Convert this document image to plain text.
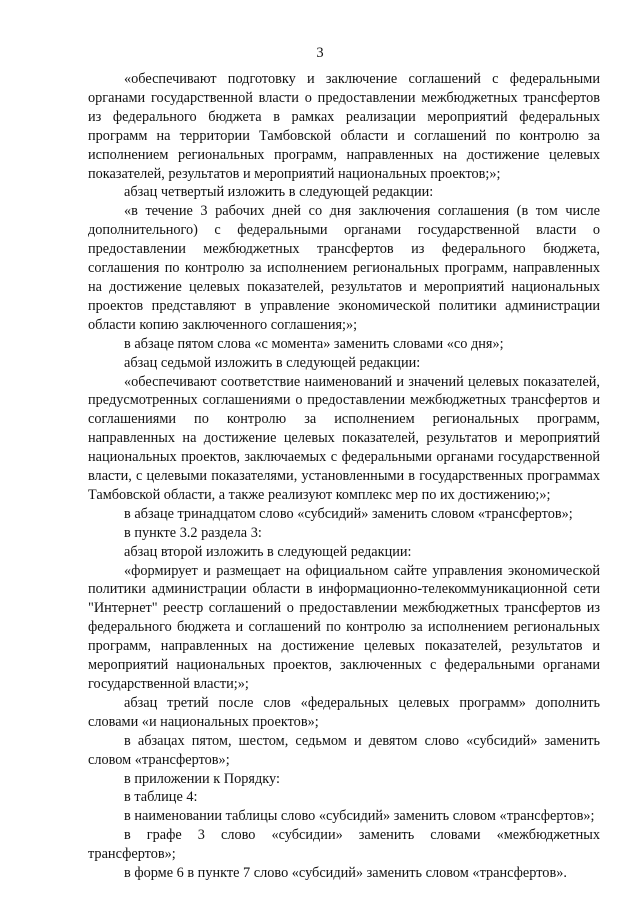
3

«обеспечивают подготовку и заключение соглашений с федеральными органами государственной власти о предоставлении межбюджетных трансфертов из федерального бюджета в рамках реализации мероприятий федеральных программ на территории Тамбовской области и соглашений по контролю за исполнением региональных программ, направленных на достижение целевых показателей, результатов и мероприятий национальных проектов;»;

абзац четвертый изложить в следующей редакции:

«в течение 3 рабочих дней со дня заключения соглашения (в том числе дополнительного) с федеральными органами государственной власти о предоставлении межбюджетных трансфертов из федерального бюджета, соглашения по контролю за исполнением региональных программ, направленных на достижение целевых показателей, результатов и мероприятий национальных проектов представляют в управление экономической политики администрации области копию заключенного соглашения;»;

в абзаце пятом слова «с момента» заменить словами «со дня»;

абзац седьмой изложить в следующей редакции:

«обеспечивают соответствие наименований и значений целевых показателей, предусмотренных соглашениями о предоставлении межбюджетных трансфертов и соглашениями по контролю за исполнением региональных программ, направленных на достижение целевых показателей, результатов и мероприятий национальных проектов, заключаемых с федеральными органами государственной власти, с целевыми показателями, установленными в государственных программах Тамбовской области, а также реализуют комплекс мер по их достижению;»;

в абзаце тринадцатом слово «субсидий» заменить словом «трансфертов»;

в пункте 3.2 раздела 3:

абзац второй изложить в следующей редакции:

«формирует и размещает на официальном сайте управления экономической политики администрации области в информационно-телекоммуникационной сети "Интернет" реестр соглашений о предоставлении межбюджетных трансфертов из федерального бюджета и соглашений по контролю за исполнением региональных программ, направленных на достижение целевых показателей, результатов и мероприятий национальных проектов, заключенных с федеральными органами государственной власти;»;

абзац третий после слов «федеральных целевых программ» дополнить словами «и национальных проектов»;

в абзацах пятом, шестом, седьмом и девятом слово «субсидий» заменить словом «трансфертов»;

в приложении к Порядку:

в таблице 4:

в наименовании таблицы слово «субсидий» заменить словом «трансфертов»;

в графе 3 слово «субсидии» заменить словами «межбюджетных трансфертов»;

в форме 6 в пункте 7 слово «субсидий» заменить словом «трансфертов».
